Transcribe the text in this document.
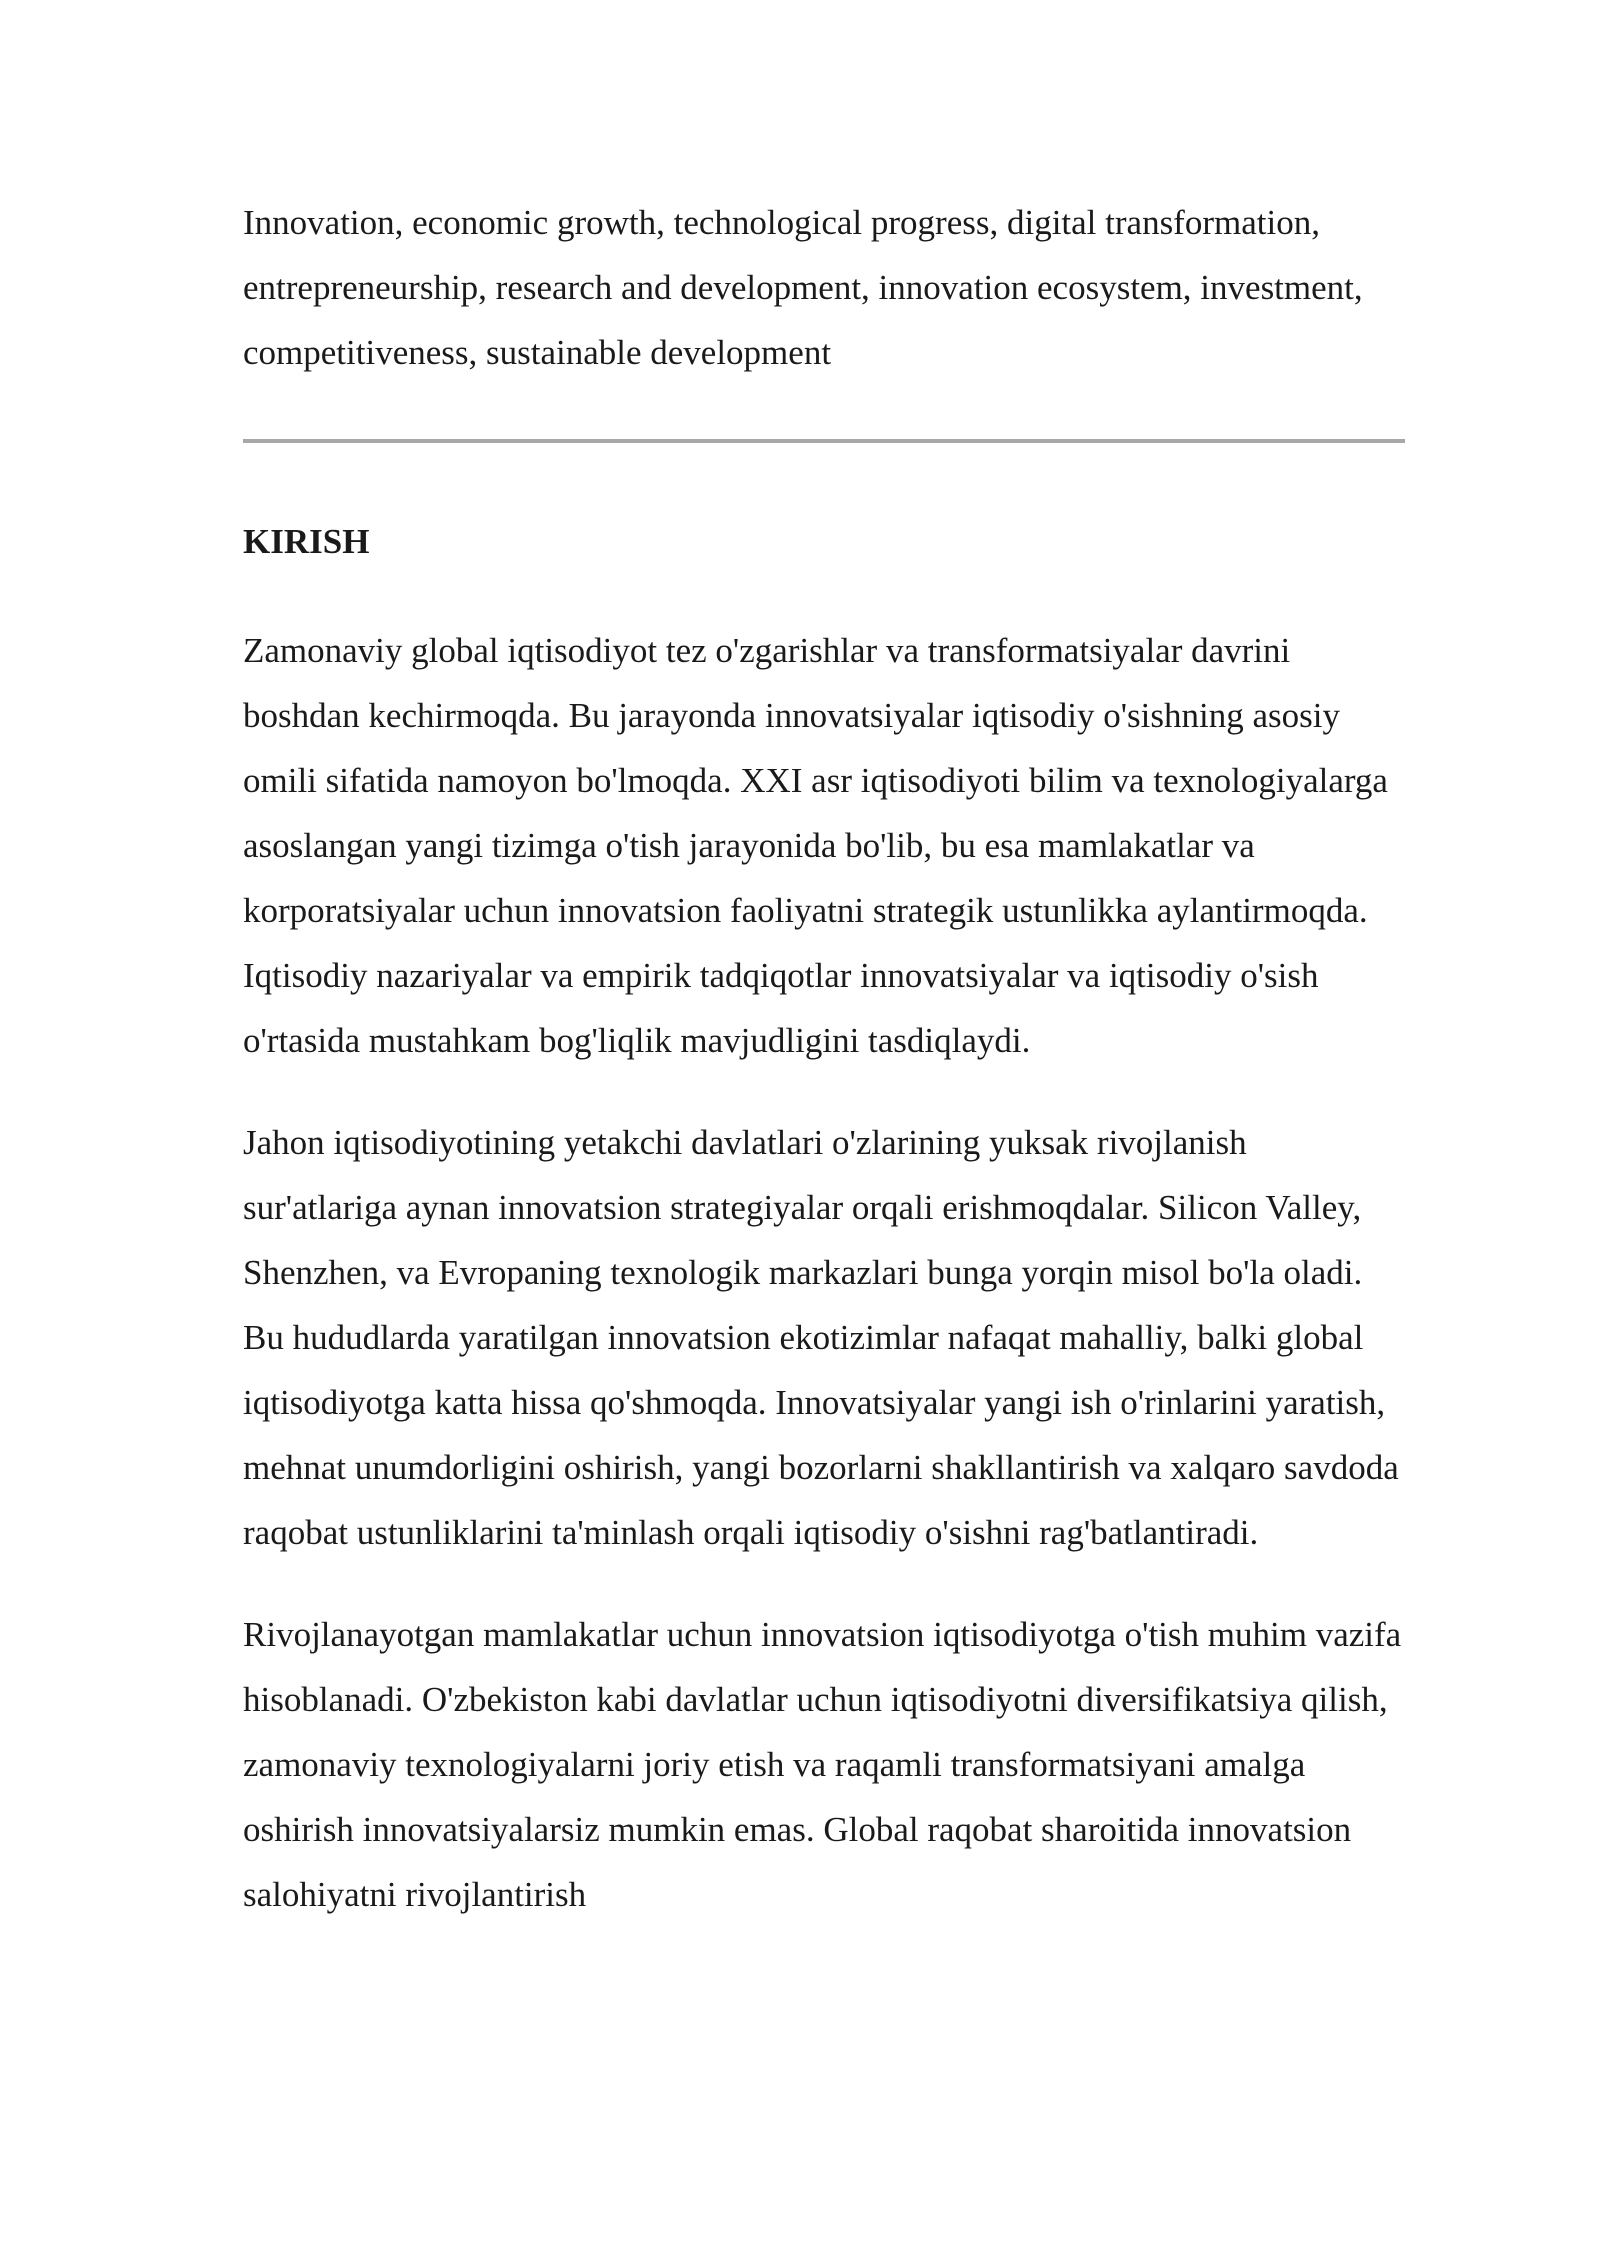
Innovation, economic growth, technological progress, digital transformation, entrepreneurship, research and development, innovation ecosystem, investment, competitiveness, sustainable development

KIRISH

Zamonaviy global iqtisodiyot tez o'zgarishlar va transformatsiyalar davrini boshdan kechirmoqda. Bu jarayonda innovatsiyalar iqtisodiy o'sishning asosiy omili sifatida namoyon bo'lmoqda. XXI asr iqtisodiyoti bilim va texnologiyalarga asoslangan yangi tizimga o'tish jarayonida bo'lib, bu esa mamlakatlar va korporatsiyalar uchun innovatsion faoliyatni strategik ustunlikka aylantirmoqda. Iqtisodiy nazariyalar va empirik tadqiqotlar innovatsiyalar va iqtisodiy o'sish o'rtasida mustahkam bog'liqlik mavjudligini tasdiqlaydi.

Jahon iqtisodiyotining yetakchi davlatlari o'zlarining yuksak rivojlanish sur'atlariga aynan innovatsion strategiyalar orqali erishmoqdalar. Silicon Valley, Shenzhen, va Evropaning texnologik markazlari bunga yorqin misol bo'la oladi. Bu hududlarda yaratilgan innovatsion ekotizimlar nafaqat mahalliy, balki global iqtisodiyotga katta hissa qo'shmoqda. Innovatsiyalar yangi ish o'rinlarini yaratish, mehnat unumdorligini oshirish, yangi bozorlarni shakllantirish va xalqaro savdoda raqobat ustunliklarini ta'minlash orqali iqtisodiy o'sishni rag'batlantiradi.

Rivojlanayotgan mamlakatlar uchun innovatsion iqtisodiyotga o'tish muhim vazifa hisoblanadi. O'zbekiston kabi davlatlar uchun iqtisodiyotni diversifikatsiya qilish, zamonaviy texnologiyalarni joriy etish va raqamli transformatsiyani amalga oshirish innovatsiyalarsiz mumkin emas. Global raqobat sharoitida innovatsion salohiyatni rivojlantirish
